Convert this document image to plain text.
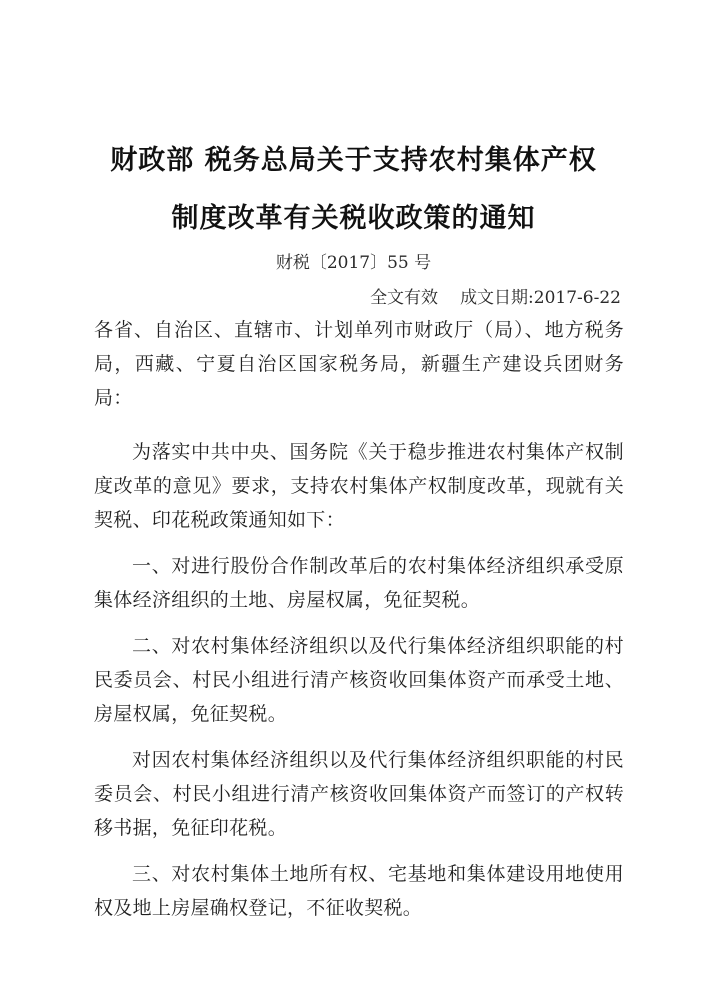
财政部 税务总局关于支持农村集体产权
制度改革有关税收政策的通知
财税〔2017〕55 号
全文有效 成文日期:2017-6-22

各省、自治区、直辖市、计划单列市财政厅（局）、地方税务局，西藏、宁夏自治区国家税务局，新疆生产建设兵团财务局：

为落实中共中央、国务院《关于稳步推进农村集体产权制度改革的意见》要求，支持农村集体产权制度改革，现就有关契税、印花税政策通知如下：

一、对进行股份合作制改革后的农村集体经济组织承受原集体经济组织的土地、房屋权属，免征契税。

二、对农村集体经济组织以及代行集体经济组织职能的村民委员会、村民小组进行清产核资收回集体资产而承受土地、房屋权属，免征契税。

对因农村集体经济组织以及代行集体经济组织职能的村民委员会、村民小组进行清产核资收回集体资产而签订的产权转移书据，免征印花税。

三、对农村集体土地所有权、宅基地和集体建设用地使用权及地上房屋确权登记，不征收契税。
